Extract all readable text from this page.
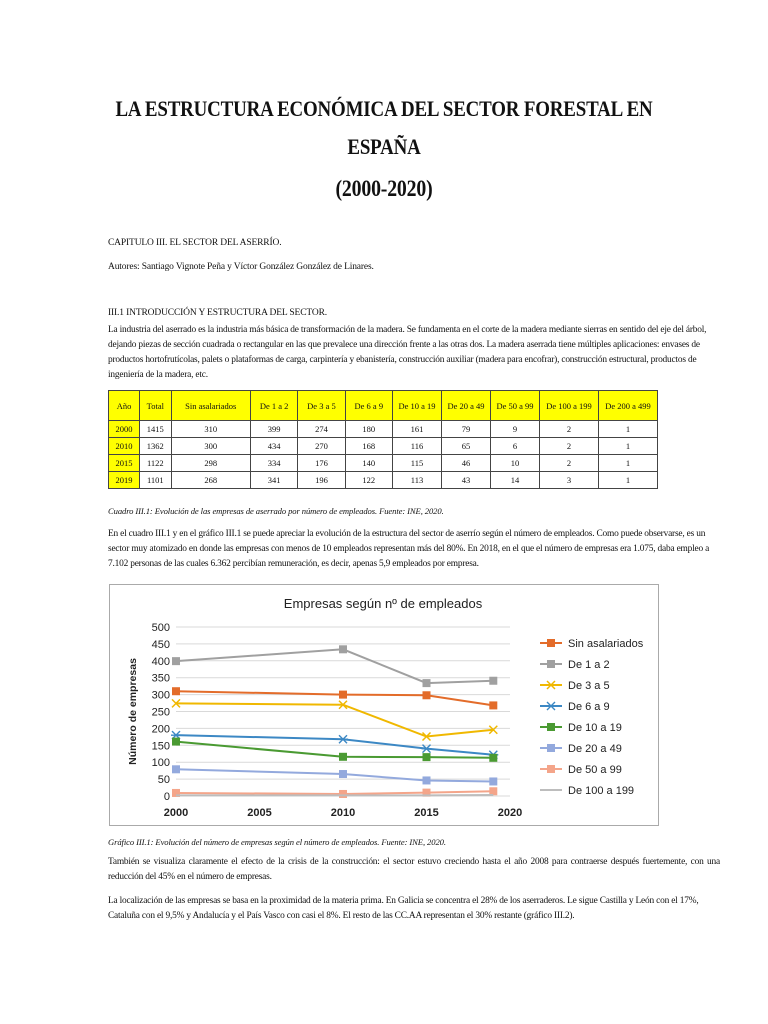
LA ESTRUCTURA ECONÓMICA DEL SECTOR FORESTAL EN
ESPAÑA
(2000-2020)
CAPITULO III. EL SECTOR DEL ASERRÍO.
Autores: Santiago Vignote Peña y Víctor González González de Linares.
III.1 INTRODUCCIÓN Y ESTRUCTURA DEL SECTOR.
La industria del aserrado es la industria más básica de transformación de la madera. Se fundamenta en el corte de la madera mediante sierras en sentido del eje del árbol, dejando piezas de sección cuadrada o rectangular en las que prevalece una dirección frente a las otras dos. La madera aserrada tiene múltiples aplicaciones: envases de productos hortofrutícolas, palets o plataformas de carga, carpintería y ebanistería, construcción auxiliar (madera para encofrar), construcción estructural, productos de ingeniería de la madera, etc.
Año	Total	Sin asalariados	De 1 a 2	De 3 a 5	De 6 a 9	De 10 a 19	De 20 a 49	De 50 a 99	De 100 a 199	De 200 a 499
2000	1415	310	399	274	180	161	79	9	2	1
2010	1362	300	434	270	168	116	65	6	2	1
2015	1122	298	334	176	140	115	46	10	2	1
2019	1101	268	341	196	122	113	43	14	3	1
Cuadro III.1: Evolución de las empresas de aserrado por número de empleados. Fuente: INE, 2020.
En el cuadro III.1 y en el gráfico III.1 se puede apreciar la evolución de la estructura del sector de aserrío según el número de empleados. Como puede observarse, es un sector muy atomizado en donde las empresas con menos de 10 empleados representan más del 80%. En 2018, en el que el número de empresas era 1.075, daba empleo a 7.102 personas de las cuales 6.362 percibían remuneración, es decir, apenas 5,9 empleados por empresa.
Empresas según nº de empleados
0
50
100
150
200
250
300
350
400
450
500
2000	2005	2010	2015	2020
Número de empresas
Sin asalariados
De 1 a 2
De 3 a 5
De 6 a 9
De 10 a 19
De 20 a 49
De 50 a 99
De 100 a 199
Gráfico III.1: Evolución del número de empresas según el número de empleados. Fuente: INE, 2020.
También se visualiza claramente el efecto de la crisis de la construcción: el sector estuvo creciendo hasta el año 2008 para contraerse después fuertemente, con una reducción del 45% en el número de empresas.
La localización de las empresas se basa en la proximidad de la materia prima. En Galicia se concentra el 28% de los aserraderos. Le sigue Castilla y León con el 17%, Cataluña con el 9,5% y Andalucía y el País Vasco con casi el 8%. El resto de las CC.AA representan el 30% restante (gráfico III.2).
